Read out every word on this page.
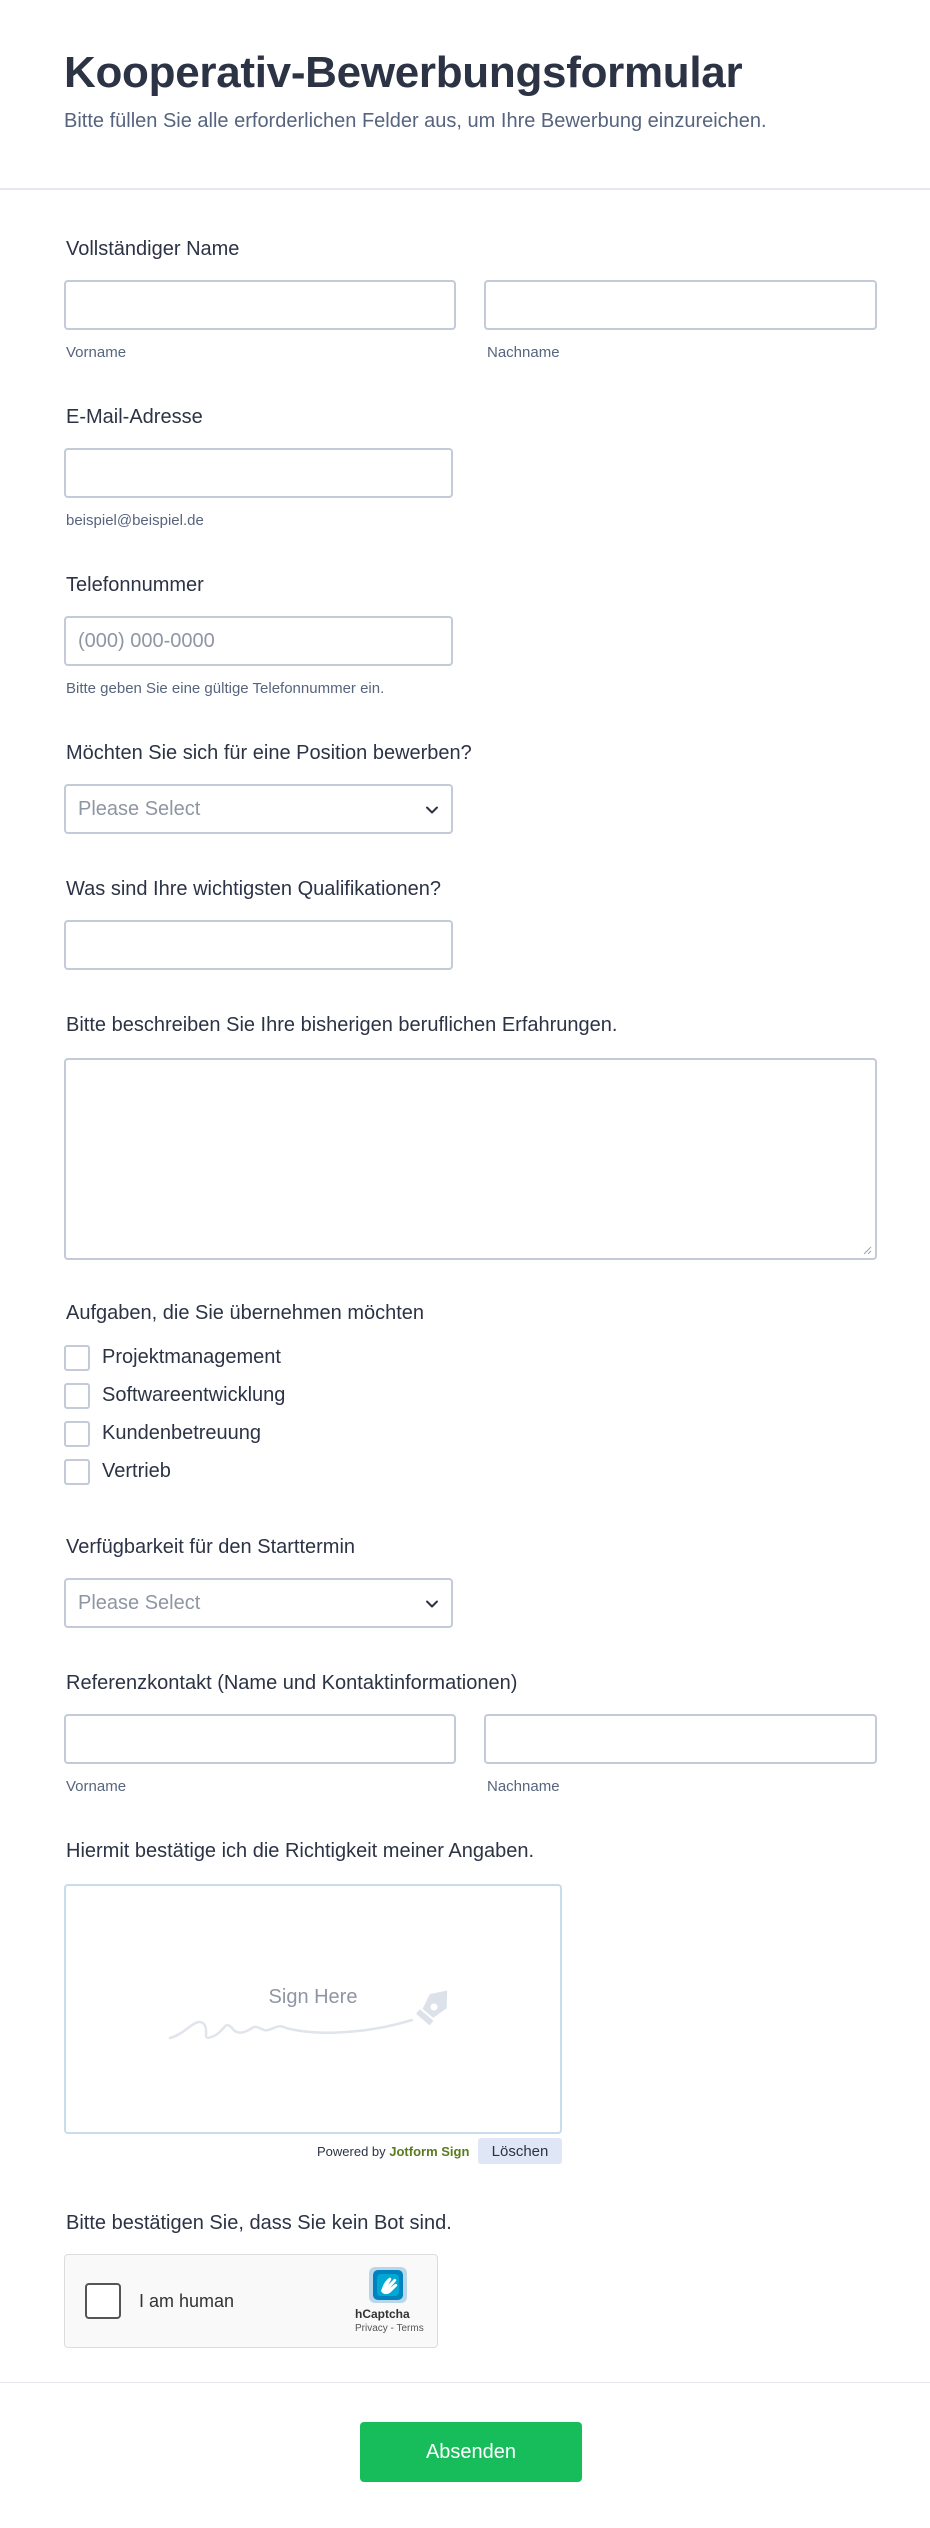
Kooperativ-Bewerbungsformular
Bitte füllen Sie alle erforderlichen Felder aus, um Ihre Bewerbung einzureichen.
Vollständiger Name
Vorname	Nachname
E-Mail-Adresse
beispiel@beispiel.de
Telefonnummer
(000) 000-0000
Bitte geben Sie eine gültige Telefonnummer ein.
Möchten Sie sich für eine Position bewerben?
Please Select
Was sind Ihre wichtigsten Qualifikationen?
Bitte beschreiben Sie Ihre bisherigen beruflichen Erfahrungen.
Aufgaben, die Sie übernehmen möchten
Projektmanagement
Softwareentwicklung
Kundenbetreuung
Vertrieb
Verfügbarkeit für den Starttermin
Please Select
Referenzkontakt (Name und Kontaktinformationen)
Vorname	Nachname
Hiermit bestätige ich die Richtigkeit meiner Angaben.
Sign Here
Powered by Jotform Sign	Löschen
Bitte bestätigen Sie, dass Sie kein Bot sind.
I am human
hCaptcha
Privacy - Terms
Absenden
